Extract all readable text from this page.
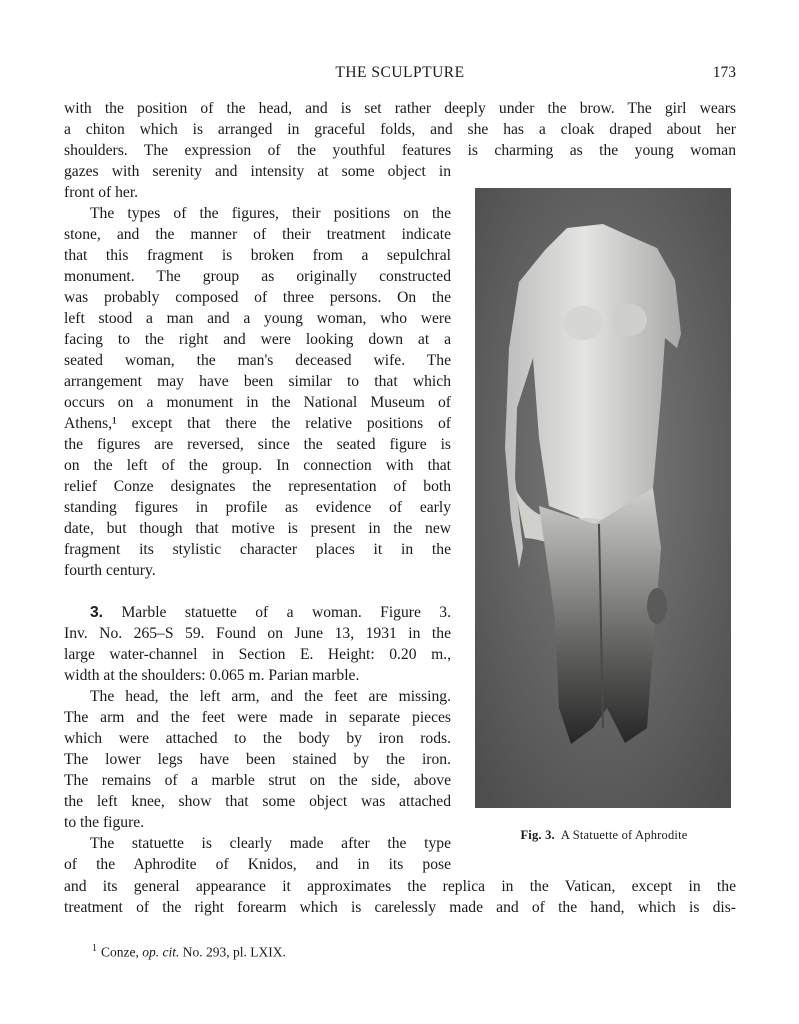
THE SCULPTURE	173
with the position of the head, and is set rather deeply under the brow. The girl wears
a chiton which is arranged in graceful folds, and she has a cloak draped about her
shoulders. The expression of the youthful features is charming as the young woman
gazes with serenity and intensity at some object in
front of her.
The types of the figures, their positions on the
stone, and the manner of their treatment indicate
that this fragment is broken from a sepulchral
monument. The group as originally constructed
was probably composed of three persons. On the
left stood a man and a young woman, who were
facing to the right and were looking down at a
seated woman, the man's deceased wife. The
arrangement may have been similar to that which
occurs on a monument in the National Museum of
Athens,¹ except that there the relative positions of
the figures are reversed, since the seated figure is
on the left of the group. In connection with that
relief Conze designates the representation of both
standing figures in profile as evidence of early
date, but though that motive is present in the new
fragment its stylistic character places it in the
fourth century.
3. Marble statuette of a woman. Figure 3.
Inv. No. 265–S 59. Found on June 13, 1931 in the
large water-channel in Section E. Height: 0.20 m.,
width at the shoulders: 0.065 m. Parian marble.
The head, the left arm, and the feet are missing.
The arm and the feet were made in separate pieces
which were attached to the body by iron rods.
The lower legs have been stained by the iron.
The remains of a marble strut on the side, above
the left knee, show that some object was attached
to the figure.
The statuette is clearly made after the type
of the Aphrodite of Knidos, and in its pose
and its general appearance it approximates the replica in the Vatican, except in the
treatment of the right forearm which is carelessly made and of the hand, which is dis-
Fig. 3. A Statuette of Aphrodite
$^1$ Conze, op. cit. No. 293, pl. LXIX.
